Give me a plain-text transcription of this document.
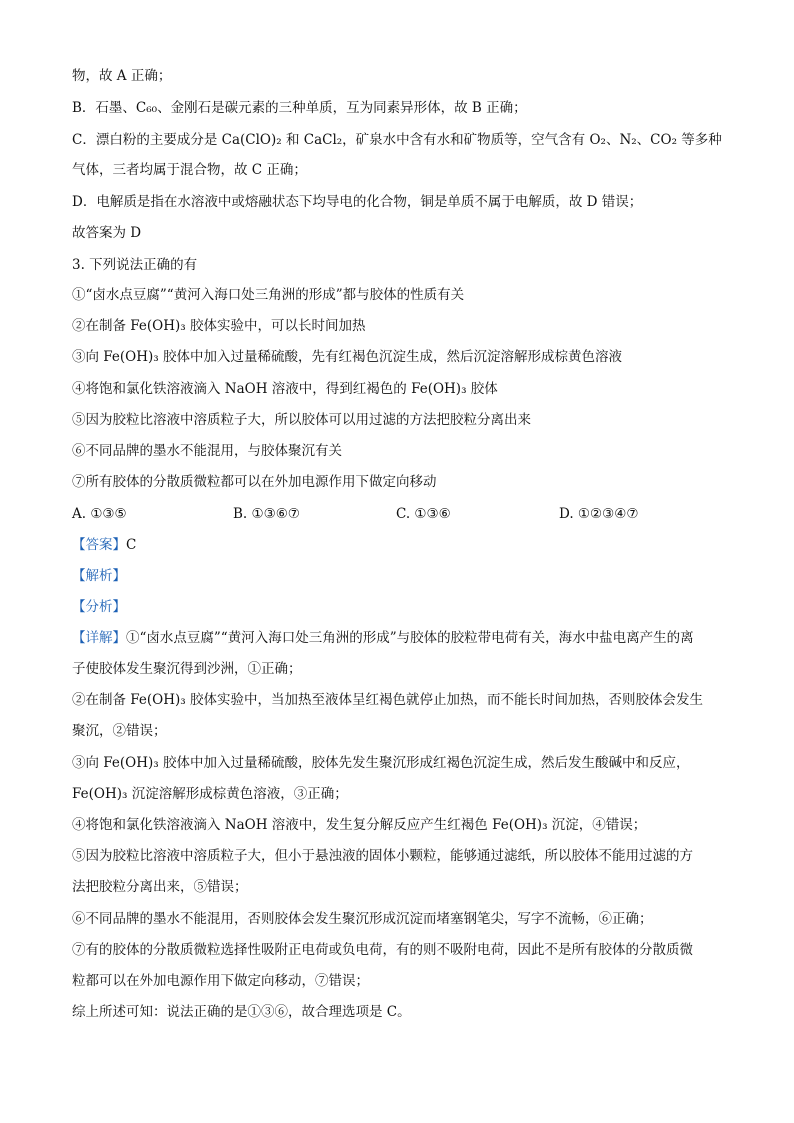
物，故 A 正确；
B．石墨、C₆₀、金刚石是碳元素的三种单质，互为同素异形体，故 B 正确；
C．漂白粉的主要成分是 Ca(ClO)₂ 和 CaCl₂，矿泉水中含有水和矿物质等，空气含有 O₂、N₂、CO₂ 等多种
气体，三者均属于混合物，故 C 正确；
D．电解质是指在水溶液中或熔融状态下均导电的化合物，铜是单质不属于电解质，故 D 错误；
故答案为 D
3. 下列说法正确的有
①“卤水点豆腐”“黄河入海口处三角洲的形成”都与胶体的性质有关
②在制备 Fe(OH)₃ 胶体实验中，可以长时间加热
③向 Fe(OH)₃ 胶体中加入过量稀硫酸，先有红褐色沉淀生成，然后沉淀溶解形成棕黄色溶液
④将饱和氯化铁溶液滴入 NaOH 溶液中，得到红褐色的 Fe(OH)₃ 胶体
⑤因为胶粒比溶液中溶质粒子大，所以胶体可以用过滤的方法把胶粒分离出来
⑥不同品牌的墨水不能混用，与胶体聚沉有关
⑦所有胶体的分散质微粒都可以在外加电源作用下做定向移动
A. ①③⑤	B. ①③⑥⑦	C. ①③⑥	D. ①②③④⑦
【答案】C
【解析】
【分析】
【详解】①“卤水点豆腐”“黄河入海口处三角洲的形成”与胶体的胶粒带电荷有关，海水中盐电离产生的离
子使胶体发生聚沉得到沙洲，①正确；
②在制备 Fe(OH)₃ 胶体实验中，当加热至液体呈红褐色就停止加热，而不能长时间加热，否则胶体会发生
聚沉，②错误；
③向 Fe(OH)₃ 胶体中加入过量稀硫酸，胶体先发生聚沉形成红褐色沉淀生成，然后发生酸碱中和反应，
Fe(OH)₃ 沉淀溶解形成棕黄色溶液，③正确；
④将饱和氯化铁溶液滴入 NaOH 溶液中，发生复分解反应产生红褐色 Fe(OH)₃ 沉淀，④错误；
⑤因为胶粒比溶液中溶质粒子大，但小于悬浊液的固体小颗粒，能够通过滤纸，所以胶体不能用过滤的方
法把胶粒分离出来，⑤错误；
⑥不同品牌的墨水不能混用，否则胶体会发生聚沉形成沉淀而堵塞钢笔尖，写字不流畅，⑥正确；
⑦有的胶体的分散质微粒选择性吸附正电荷或负电荷，有的则不吸附电荷，因此不是所有胶体的分散质微
粒都可以在外加电源作用下做定向移动，⑦错误；
综上所述可知：说法正确的是①③⑥，故合理选项是 C。
